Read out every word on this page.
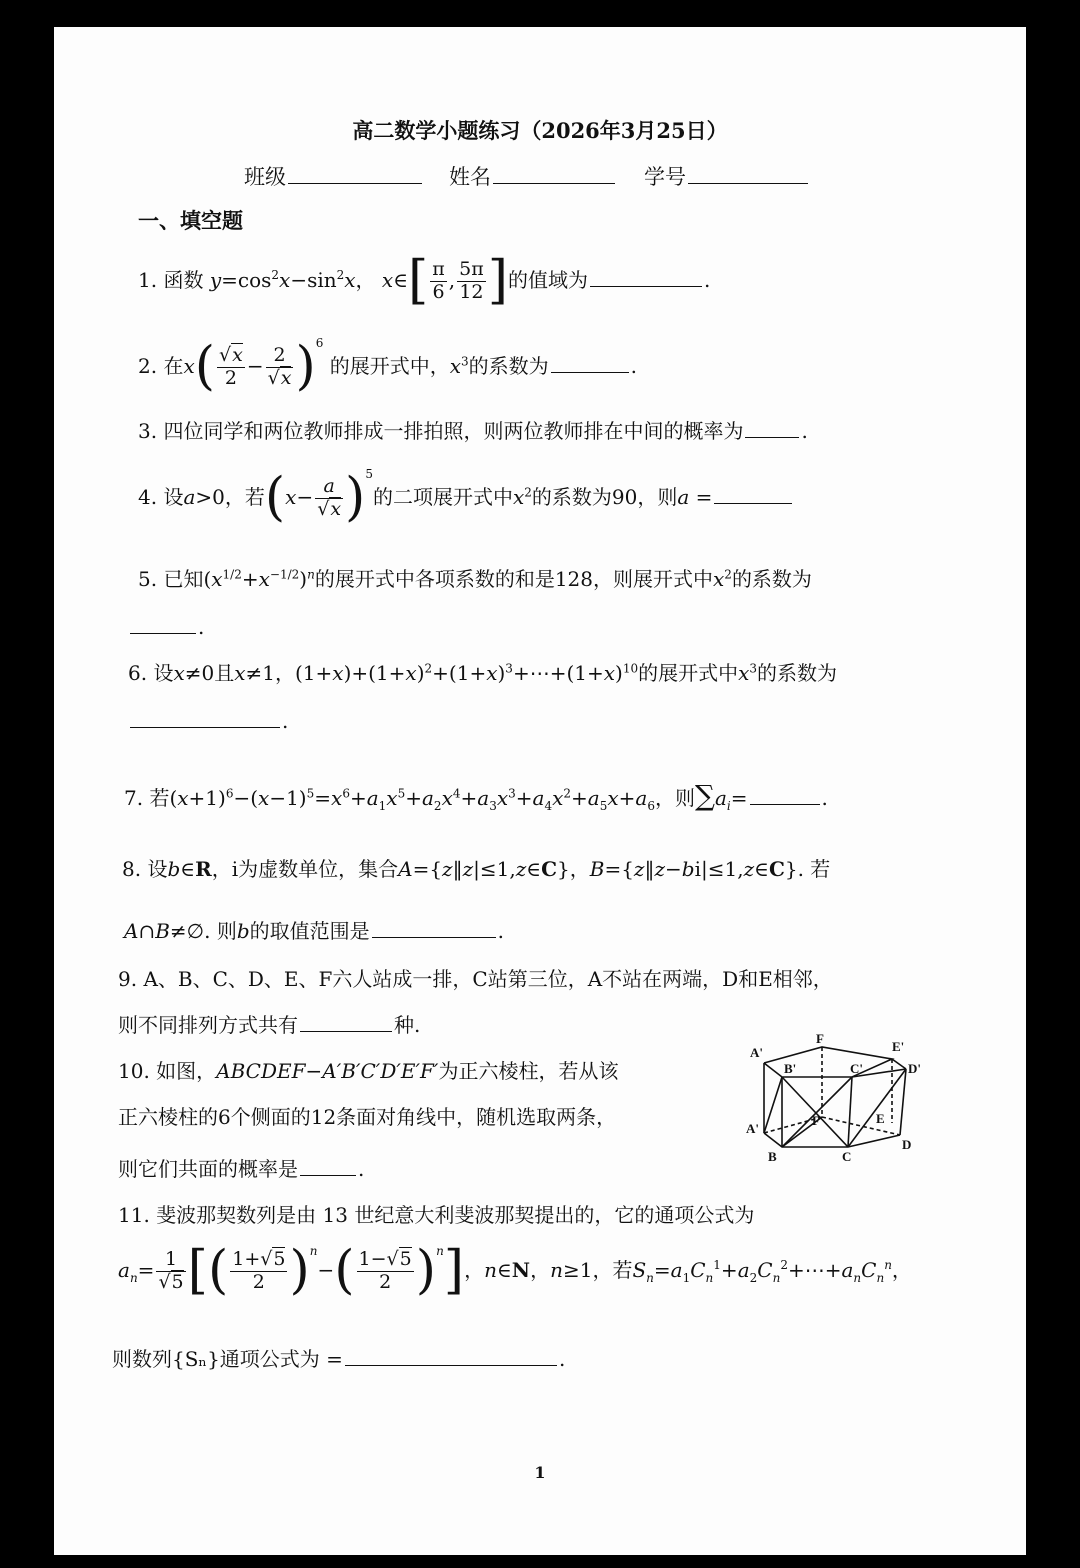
高二数学小题练习（2026年3月25日）
班级	姓名	学号
一、填空题
1. 函数 $y=\cos^2x-\sin^2x$， x∈[ $\frac{\pi}{6}$ , $\frac{5\pi}{12}$ ]的值域为	.
2. 在$x( \frac{√x}{2} - \frac{2}{√x} )^6$ 的展开式中，$x^3$的系数为	.
3. 四位同学和两位教师排成一排拍照，则两位教师排在中间的概率为	.
4. 设a>0，若$(x- \frac{a}{√x} )^5$的二项展开式中$x^2$的系数为90，则a =
5. 已知$(x^{1/2}+x^{-1/2})^n$的展开式中各项系数的和是128，则展开式中$x^2$的系数为
.
6. 设x≠0且x≠1，$(1+x)+(1+x)^2+(1+x)^3+\cdots+(1+x)^{10}$的展开式中$x^3$的系数为
.
7. 若$(x+1)^6-(x-1)^5=x^6+a_1x^5+a_2x^4+a_3x^3+a_4x^2+a_5x+a_6$，则$\sum a_i=$	.
8. 设b∈R，i为虚数单位，集合A={z‖z|≤1,z∈C}，B={z‖z−bi|≤1,z∈C}. 若
A∩B≠∅. 则b的取值范围是	.
9. A、B、C、D、E、F六人站成一排，C站第三位，A不站在两端，D和E相邻，
则不同排列方式共有	种.
10. 如图，ABCDEF−A′B′C′D′E′F′为正六棱柱，若从该
正六棱柱的6个侧面的12条面对角线中，随机选取两条，
则它们共面的概率是	.
A'
B'	C'	D'
E'
F
A'
B	C
D
E
F
11. 斐波那契数列是由 13 世纪意大利斐波那契提出的，它的通项公式为
$a_n= \frac{1}{√5}$ [( $\frac{1+√5}{2} )^n-( \frac{1-√5}{2} )^n$]，n∈N，n≥1，若$S_n=a_1C_n^1+a_2C_n^2+\cdots+a_nC_n^n$，
则数列{Sₙ}通项公式为 =	.
1
